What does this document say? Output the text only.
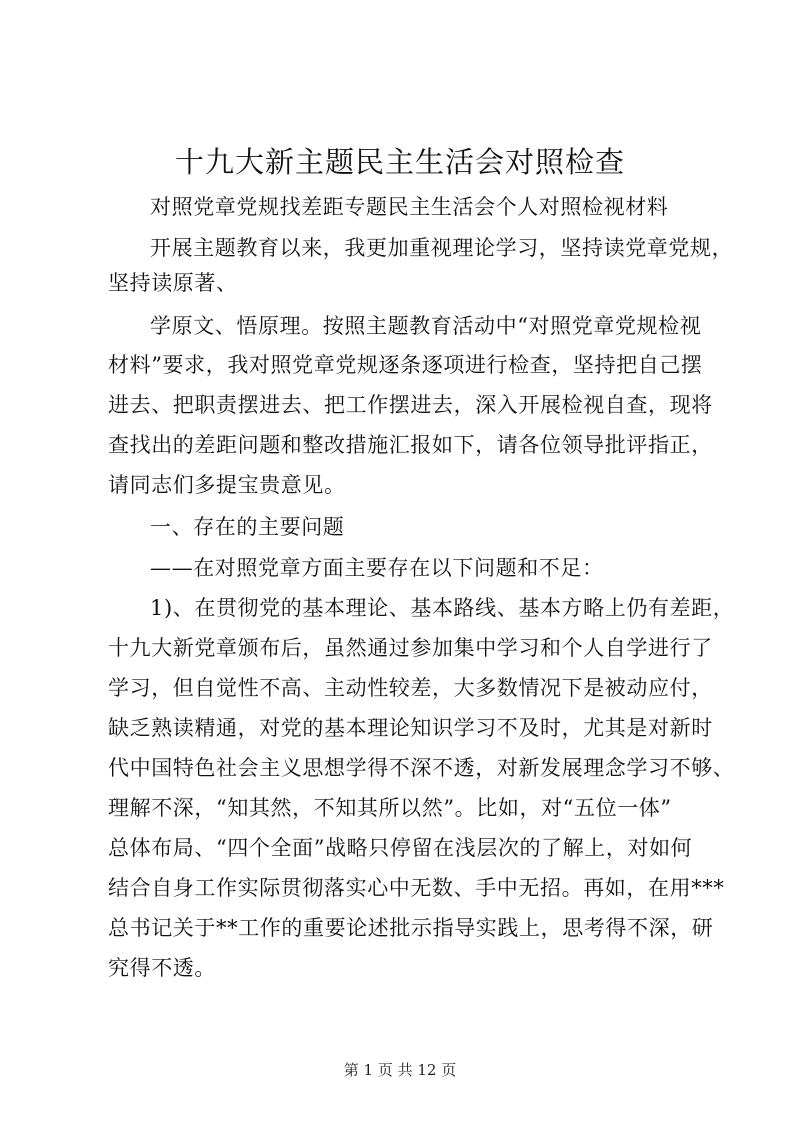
十九大新主题民主生活会对照检查
对照党章党规找差距专题民主生活会个人对照检视材料
开展主题教育以来，我更加重视理论学习，坚持读党章党规，
坚持读原著、
学原文、悟原理。按照主题教育活动中“对照党章党规检视
材料”要求，我对照党章党规逐条逐项进行检查，坚持把自己摆
进去、把职责摆进去、把工作摆进去，深入开展检视自查，现将
查找出的差距问题和整改措施汇报如下，请各位领导批评指正，
请同志们多提宝贵意见。
一、存在的主要问题
——在对照党章方面主要存在以下问题和不足：
1)、在贯彻党的基本理论、基本路线、基本方略上仍有差距，
十九大新党章颁布后，虽然通过参加集中学习和个人自学进行了
学习，但自觉性不高、主动性较差，大多数情况下是被动应付，
缺乏熟读精通，对党的基本理论知识学习不及时，尤其是对新时
代中国特色社会主义思想学得不深不透，对新发展理念学习不够、
理解不深，“知其然，不知其所以然”。比如，对“五位一体”
总体布局、“四个全面”战略只停留在浅层次的了解上，对如何
结合自身工作实际贯彻落实心中无数、手中无招。再如，在用***
总书记关于**工作的重要论述批示指导实践上，思考得不深，研
究得不透。
第 1 页 共 12 页
